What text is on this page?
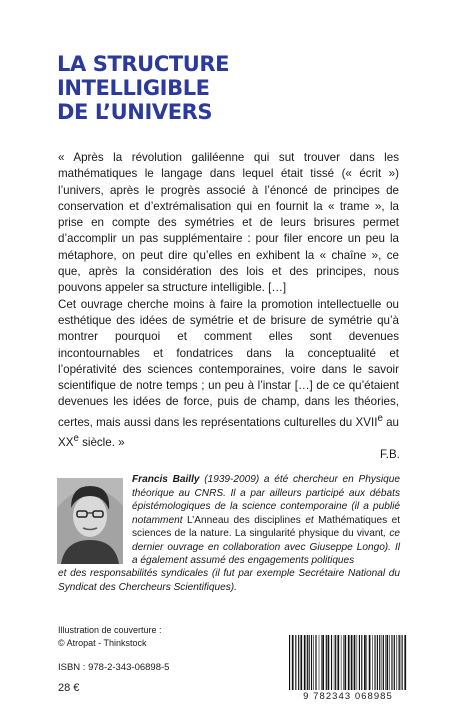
LA STRUCTURE
INTELLIGIBLE
DE L’UNIVERS

« Après la révolution galiléenne qui sut trouver dans les mathématiques le langage dans lequel était tissé (« écrit ») l’univers, après le progrès associé à l’énoncé de principes de conservation et d’extrémalisation qui en fournit la « trame », la prise en compte des symétries et de leurs brisures permet d’accomplir un pas supplémentaire : pour filer encore un peu la métaphore, on peut dire qu’elles en exhibent la « chaîne », ce que, après la considération des lois et des principes, nous pouvons appeler sa structure intelligible. […]

Cet ouvrage cherche moins à faire la promotion intellectuelle ou esthétique des idées de symétrie et de brisure de symétrie qu’à montrer pourquoi et comment elles sont devenues incontournables et fondatrices dans la conceptualité et l’opérativité des sciences contemporaines, voire dans le savoir scientifique de notre temps ; un peu à l’instar […] de ce qu’étaient devenues les idées de force, puis de champ, dans les théories, certes, mais aussi dans les représentations culturelles du XVIIe au XXe siècle. »

F.B.

Francis Bailly (1939-2009) a été chercheur en Physique théorique au CNRS. Il a par ailleurs participé aux débats épistémologiques de la science contemporaine (il a publié notamment L’Anneau des disciplines et Mathématiques et sciences de la nature. La singularité physique du vivant, ce dernier ouvrage en collaboration avec Giuseppe Longo). Il a également assumé des engagements politiques

et des responsabilités syndicales (il fut par exemple Secrétaire National du Syndicat des Chercheurs Scientifiques).

Illustration de couverture :
© Atropat - Thinkstock
ISBN : 978-2-343-06898-5
28 €
9 782343 068985
